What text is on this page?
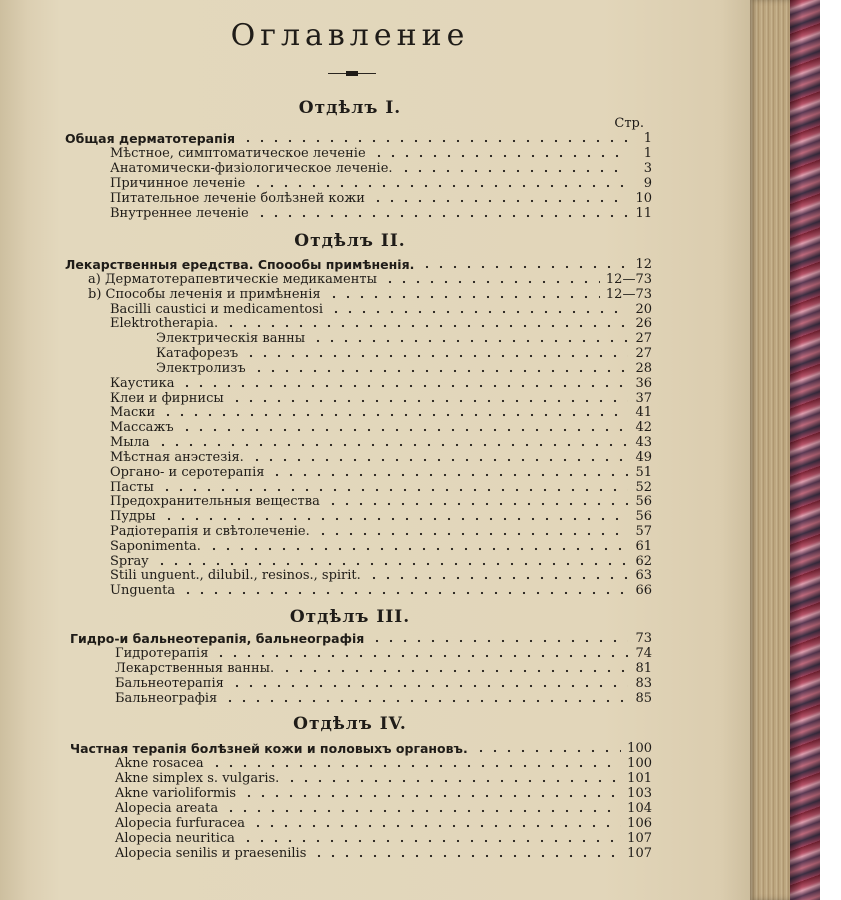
Оглавление
Отдѣлъ I.
Стр.
Общая дерматотерапія	1
Мѣстное, симптоматическое леченіе	1
Анатомически-физіологическое леченіе.	3
Причинное леченіе	9
Питательное леченіе болѣзней кожи	10
Внутреннее леченіе	11
Отдѣлъ II.
Лекарственныя ередства. Споообы примѣненія.	12
a) Дерматотерапевтическіе медикаменты	12—73
b) Способы леченія и примѣненія	12—73
Bacilli caustici и medicamentosi	20
Elektrotherapia.	26
Электрическія ванны	27
Катафорезъ	27
Электролизъ	28
Каустика	36
Клеи и фирнисы	37
Маски	41
Массажъ	42
Мыла	43
Мѣстная анэстезія.	49
Органо- и серотерапія	51
Пасты	52
Предохранительныя вещества	56
Пудры	56
Радіотерапія и свѣтолеченіе.	57
Saponimenta.	61
Spray	62
Stili unguent., dilubil., resinos., spirit.	63
Unguenta	66
Отдѣлъ III.
Гидро-и бальнеотерапія, бальнеографія	73
Гидротерапія	74
Лекарственныя ванны.	81
Бальнеотерапія	83
Бальнеографія	85
Отдѣлъ IV.
Частная терапія болѣзней кожи и половыхъ органовъ.	100
Akne rosacea	100
Akne simplex s. vulgaris.	101
Akne varioliformis	103
Alopecia areata	104
Alopecia furfuracea	106
Alopecia neuritica	107
Alopecia senilis и praesenilis	107
